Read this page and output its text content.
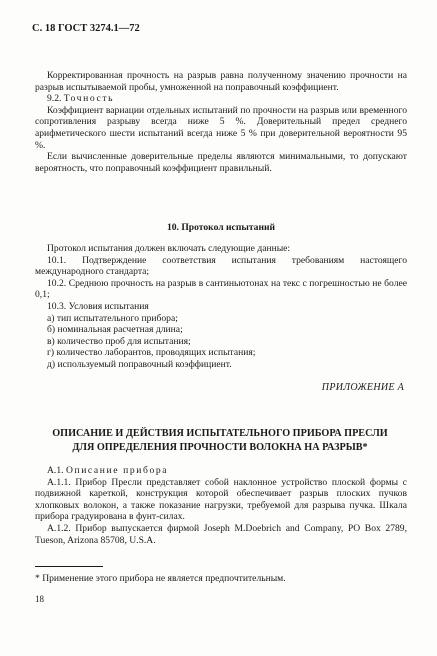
С. 18 ГОСТ 3274.1—72

Корректированная прочность на разрыв равна полученному значению прочности на разрыв испытываемой пробы, умноженной на поправочный коэффициент.

9.2. Точность

Коэффициент вариации отдельных испытаний по прочности на разрыв или временного сопротивления разрыву всегда ниже 5 %. Доверительный предел среднего арифметического шести испытаний всегда ниже 5 % при доверительной вероятности 95 %.

Если вычисленные доверительные пределы являются минимальными, то допускают вероятность, что поправочный коэффициент правильный.

10. Протокол испытаний

Протокол испытания должен включать следующие данные:

10.1. Подтверждение соответствия испытания требованиям настоящего международного стандарта;

10.2. Среднюю прочность на разрыв в сантиньютонах на текс с погрешностью не более 0,1;

10.3. Условия испытания

а) тип испытательного прибора;
б) номинальная расчетная длина;
в) количество проб для испытания;
г) количество лаборантов, проводящих испытания;
д) используемый поправочный коэффициент.
ПРИЛОЖЕНИЕ А
ОПИСАНИЕ И ДЕЙСТВИЯ ИСПЫТАТЕЛЬНОГО ПРИБОРА ПРЕСЛИ
ДЛЯ ОПРЕДЕЛЕНИЯ ПРОЧНОСТИ ВОЛОКНА НА РАЗРЫВ*

А.1. Описание прибора

А.1.1. Прибор Пресли представляет собой наклонное устройство плоской формы с подвижной кареткой, конструкция которой обеспечивает разрыв плоских пучков хлопковых волокон, а также показание нагрузки, требуемой для разрыва пучка. Шкала прибора градуирована в фунт-силах.

А.1.2. Прибор выпускается фирмой Joseph M.Doebrich and Company, PO Box 2789, Tueson, Arizona 85708, U.S.A.

* Применение этого прибора не является предпочтительным.
18
